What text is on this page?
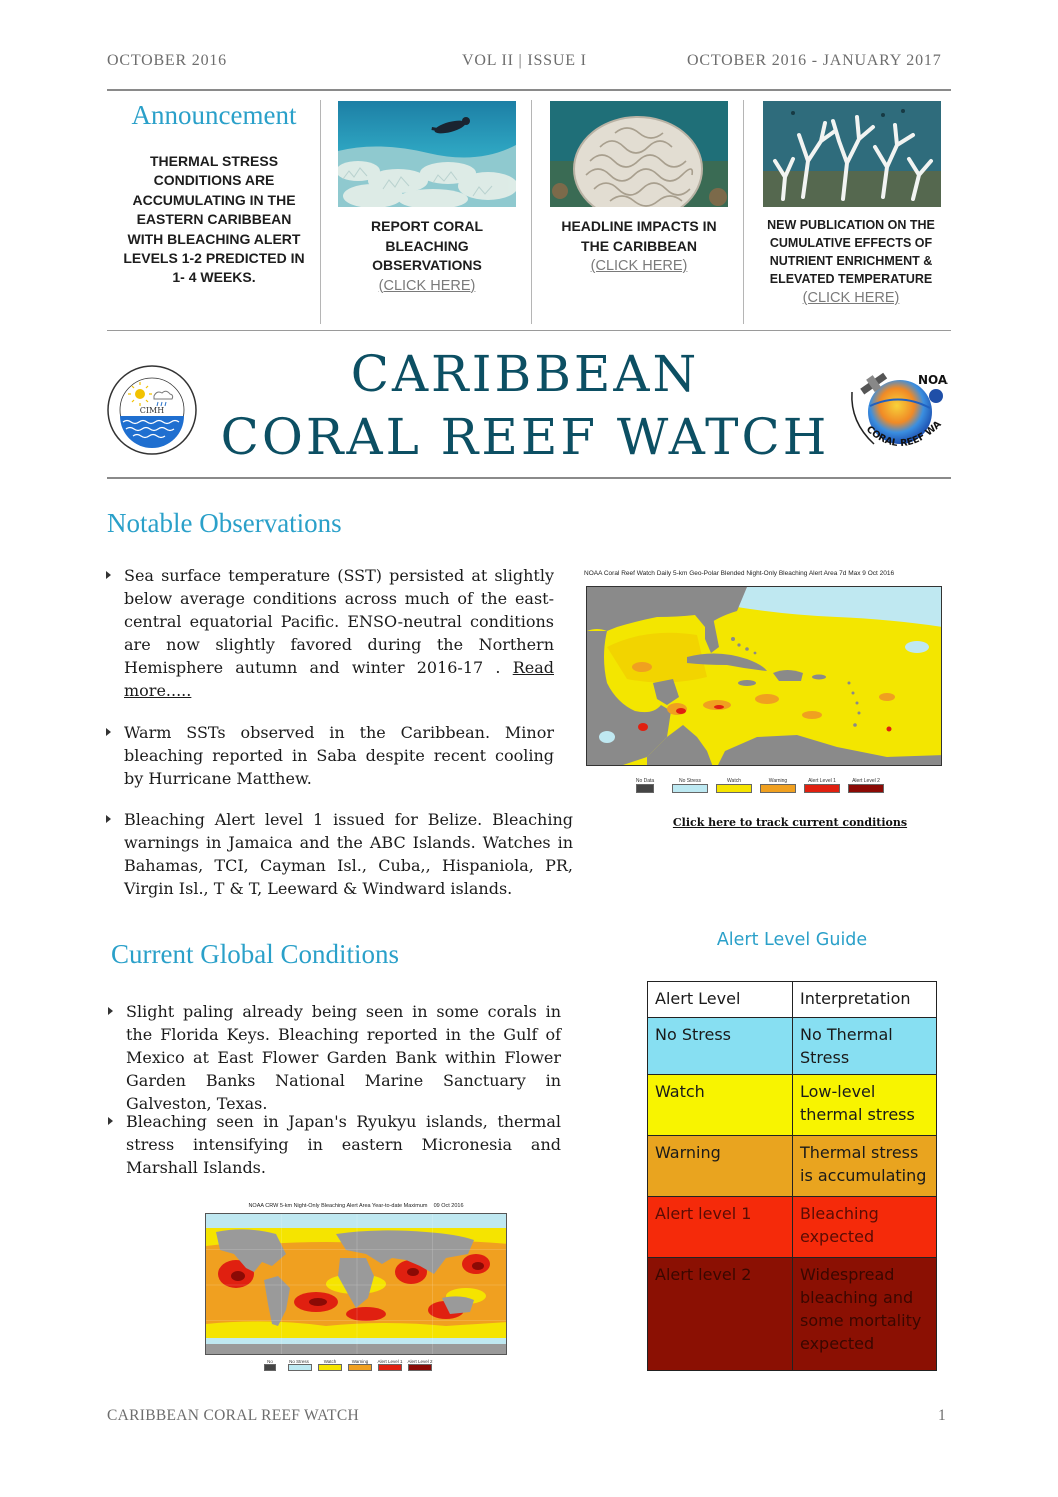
OCTOBER 2016	VOL II | ISSUE I	OCTOBER 2016 - JANUARY 2017
Announcement
THERMAL STRESS CONDITIONS ARE ACCUMULATING IN THE EASTERN CARIBBEAN WITH BLEACHING ALERT LEVELS 1-2 PREDICTED IN 1- 4 WEEKS.
REPORT CORAL BLEACHING OBSERVATIONS
(CLICK HERE)
HEADLINE IMPACTS IN THE CARIBBEAN
(CLICK HERE)
NEW PUBLICATION ON THE CUMULATIVE EFFECTS OF NUTRIENT ENRICHMENT & ELEVATED TEMPERATURE
(CLICK HERE)
CIMH
CARIBBEAN
CORAL REEF WATCH
NOA
CORAL REEF WA
Notable Observations
Sea surface temperature (SST) persisted at slightly below average conditions across much of the east-central equatorial Pacific. ENSO-neutral conditions are now slightly favored during the Northern Hemisphere autumn and winter 2016-17 . Read more.....
Warm SSTs observed in the Caribbean. Minor bleaching reported in Saba despite recent cooling by Hurricane Matthew.
Bleaching Alert level 1 issued for Belize. Bleaching warnings in Jamaica and the ABC Islands. Watches in Bahamas, TCI, Cayman Isl., Cuba,, Hispaniola, PR, Virgin Isl., T & T, Leeward & Windward islands.
NOAA Coral Reef Watch Daily 5-km Geo-Polar Blended Night-Only Bleaching Alert Area 7d Max 9 Oct 2016
No Data	No Stress	Watch	Warning	Alert Level 1	Alert Level 2
Click here to track current conditions
Current Global Conditions
Slight paling already being seen in some corals in the Florida Keys. Bleaching reported in the Gulf of Mexico at East Flower Garden Bank within Flower Garden Banks National Marine Sanctuary in Galveston, Texas.
Bleaching seen in Japan's Ryukyu islands, thermal stress intensifying in eastern Micronesia and Marshall Islands.
NOAA CRW 5-km Night-Only Bleaching Alert Area Year-to-date Maximum    09 Oct 2016
No	No Stress	Watch	Warning	Alert Level 1 Alert Level 2
Alert Level Guide
Alert Level	Interpretation
No Stress	No Thermal Stress
Watch	Low-level thermal stress
Warning	Thermal stress is accumulating
Alert level 1	Bleaching expected
Alert level 2	Widespread bleaching and some mortality expected
CARIBBEAN CORAL REEF WATCH	1
